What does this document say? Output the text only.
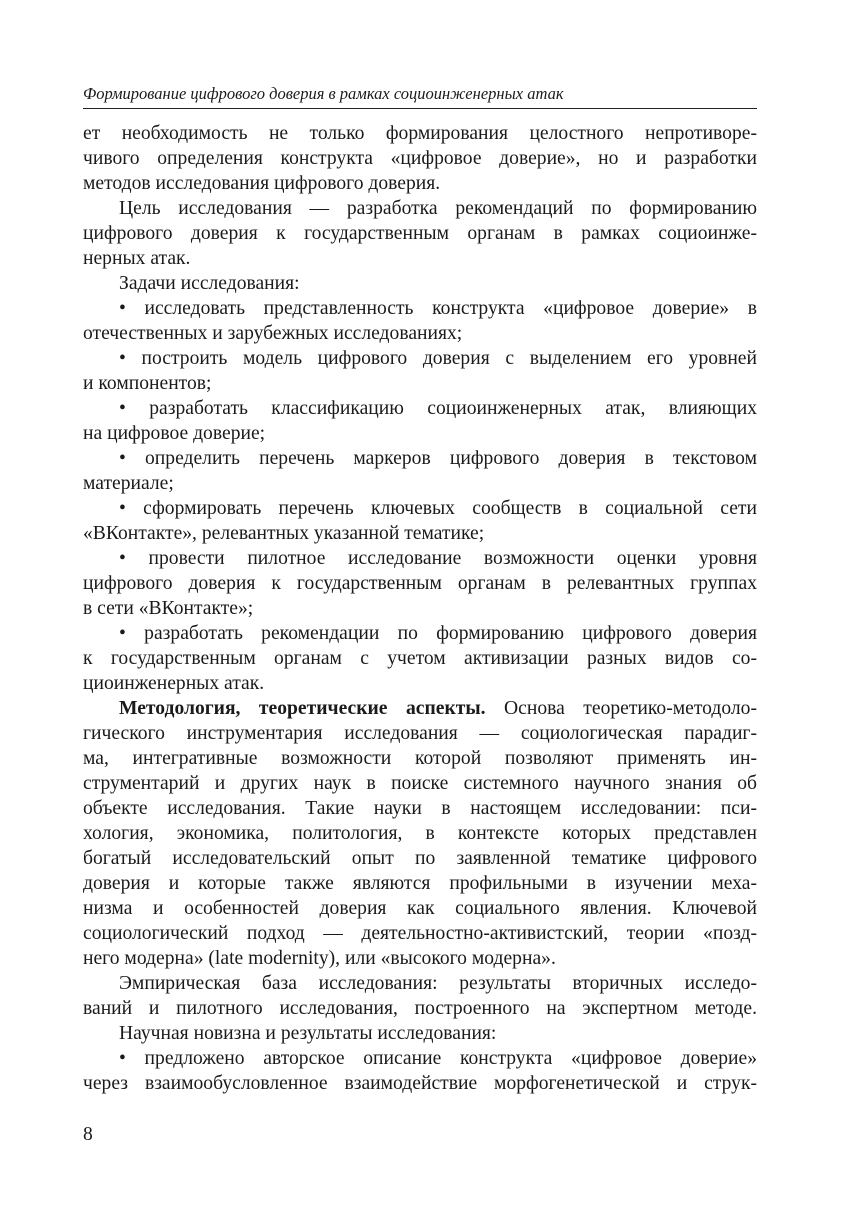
Формирование цифрового доверия в рамках социоинженерных атак
ет необходимость не только формирования целостного непротиворе-
чивого определения конструкта «цифровое доверие», но и разработки
методов исследования цифрового доверия.
Цель исследования — разработка рекомендаций по формированию
цифрового доверия к государственным органам в рамках социоинже-
нерных атак.
Задачи исследования:
• исследовать представленность конструкта «цифровое доверие» в
отечественных и зарубежных исследованиях;
• построить модель цифрового доверия с выделением его уровней
и компонентов;
• разработать классификацию социоинженерных атак, влияющих
на цифровое доверие;
• определить перечень маркеров цифрового доверия в текстовом
материале;
• сформировать перечень ключевых сообществ в социальной сети
«ВКонтакте», релевантных указанной тематике;
• провести пилотное исследование возможности оценки уровня
цифрового доверия к государственным органам в релевантных группах
в сети «ВКонтакте»;
• разработать рекомендации по формированию цифрового доверия
к государственным органам с учетом активизации разных видов со-
циоинженерных атак.
Методология, теоретические аспекты. Основа теоретико-методоло-
гического инструментария исследования — социологическая парадиг-
ма, интегративные возможности которой позволяют применять ин-
струментарий и других наук в поиске системного научного знания об
объекте исследования. Такие науки в настоящем исследовании: пси-
хология, экономика, политология, в контексте которых представлен
богатый исследовательский опыт по заявленной тематике цифрового
доверия и которые также являются профильными в изучении меха-
низма и особенностей доверия как социального явления. Ключевой
социологический подход — деятельностно-активистский, теории «позд-
него модерна» (late modernity), или «высокого модерна».
Эмпирическая база исследования: результаты вторичных исследо-
ваний и пилотного исследования, построенного на экспертном методе.
Научная новизна и результаты исследования:
• предложено авторское описание конструкта «цифровое доверие»
через взаимообусловленное взаимодействие морфогенетической и струк-
8
